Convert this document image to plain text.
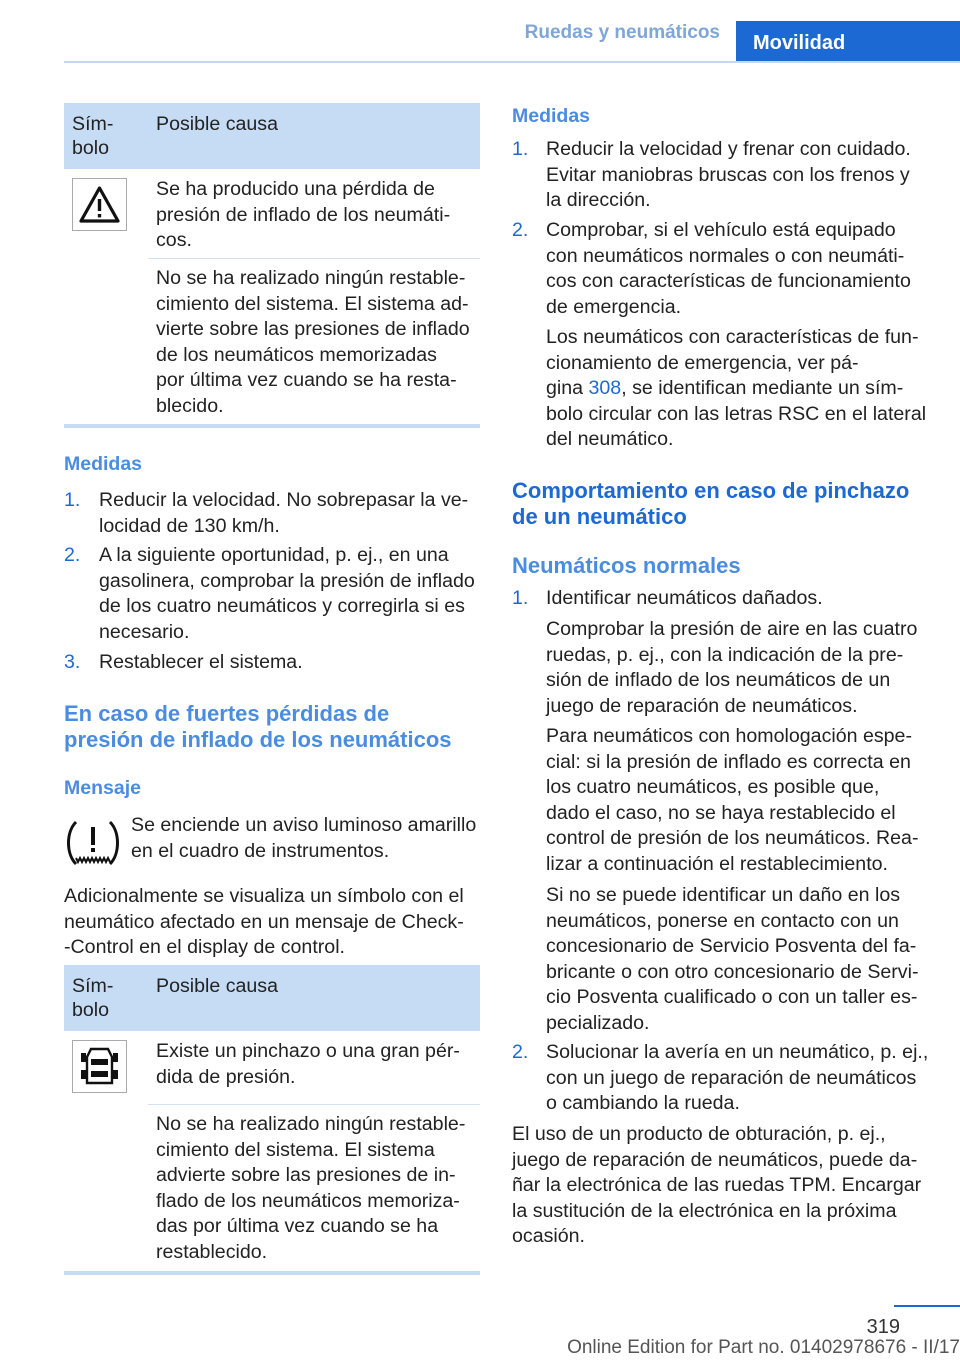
Ruedas y neumáticos	Movilidad
Sím-
bolo
Posible causa
Se ha producido una pérdida de
presión de inflado de los neumáti-
cos.
No se ha realizado ningún restable-
cimiento del sistema. El sistema ad-
vierte sobre las presiones de inflado
de los neumáticos memorizadas
por última vez cuando se ha resta-
blecido.
Medidas
1. Reducir la velocidad. No sobrepasar la ve-
locidad de 130 km/h.
2. A la siguiente oportunidad, p. ej., en una
gasolinera, comprobar la presión de inflado
de los cuatro neumáticos y corregirla si es
necesario.
3. Restablecer el sistema.
En caso de fuertes pérdidas de
presión de inflado de los neumáticos
Mensaje
Se enciende un aviso luminoso amarillo
en el cuadro de instrumentos.
Adicionalmente se visualiza un símbolo con el
neumático afectado en un mensaje de Check-
-Control en el display de control.
Sím-
bolo
Posible causa
Existe un pinchazo o una gran pér-
dida de presión.
No se ha realizado ningún restable-
cimiento del sistema. El sistema
advierte sobre las presiones de in-
flado de los neumáticos memoriza-
das por última vez cuando se ha
restablecido.
Medidas
1. Reducir la velocidad y frenar con cuidado.
Evitar maniobras bruscas con los frenos y
la dirección.
2. Comprobar, si el vehículo está equipado
con neumáticos normales o con neumáti-
cos con características de funcionamiento
de emergencia.
Los neumáticos con características de fun-
cionamiento de emergencia, ver pá-
gina 308, se identifican mediante un sím-
bolo circular con las letras RSC en el lateral
del neumático.
Comportamiento en caso de pinchazo
de un neumático
Neumáticos normales
1. Identificar neumáticos dañados.
Comprobar la presión de aire en las cuatro
ruedas, p. ej., con la indicación de la pre-
sión de inflado de los neumáticos de un
juego de reparación de neumáticos.
Para neumáticos con homologación espe-
cial: si la presión de inflado es correcta en
los cuatro neumáticos, es posible que,
dado el caso, no se haya restablecido el
control de presión de los neumáticos. Rea-
lizar a continuación el restablecimiento.
Si no se puede identificar un daño en los
neumáticos, ponerse en contacto con un
concesionario de Servicio Posventa del fa-
bricante o con otro concesionario de Servi-
cio Posventa cualificado o con un taller es-
pecializado.
2. Solucionar la avería en un neumático, p. ej.,
con un juego de reparación de neumáticos
o cambiando la rueda.
El uso de un producto de obturación, p. ej.,
juego de reparación de neumáticos, puede da-
ñar la electrónica de las ruedas TPM. Encargar
la sustitución de la electrónica en la próxima
ocasión.
319
Online Edition for Part no. 01402978676 - II/17
